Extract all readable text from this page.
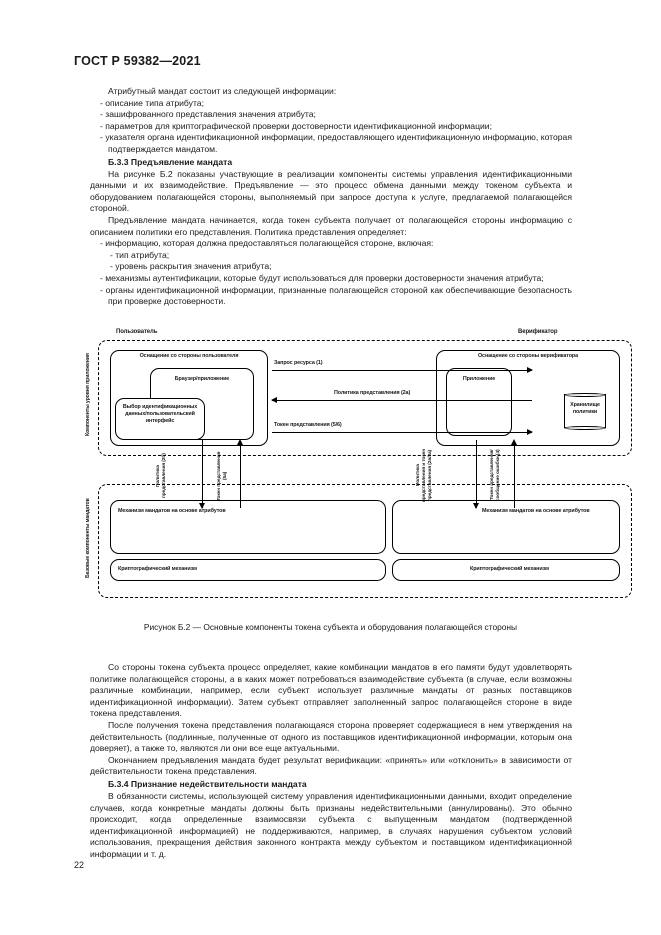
ГОСТ Р 59382—2021

Атрибутный мандат состоит из следующей информации:

- описание типа атрибута;

- зашифрованного представления значения атрибута;

- параметров для криптографической проверки достоверности идентификационной информации;

- указателя органа идентификационной информации, предоставляющего идентификационную информацию, которая подтверждается мандатом.

Б.3.3 Предъявление мандата

На рисунке Б.2 показаны участвующие в реализации компоненты системы управления идентификационными данными и их взаимодействие. Предъявление — это процесс обмена данными между токеном субъекта и оборудованием полагающейся стороны, выполняемый при запросе доступа к услуге, предлагаемой полагающейся стороной.

Предъявление мандата начинается, когда токен субъекта получает от полагающейся стороны информацию с описанием политики его представления. Политика представления определяет:

- информацию, которая должна предоставляться полагающейся стороне, включая:

- тип атрибута;

- уровень раскрытия значения атрибута;

- механизмы аутентификации, которые будут использоваться для проверки достоверности значения атрибута;

- органы идентификационной информации, признанные полагающейся стороной как обеспечивающие безопасность при проверке достоверности.

Компоненты уровня приложения
Базовые компоненты мандатов
Пользователь	Верификатор
Оснащение со стороны пользователя
Браузер/приложение
Выбор идентификационных данных/пользовательский интерфейс
Оснащение со стороны верификатора
Приложение
Хранилище политики
Механизм мандатов на основе атрибутов
Криптографический механизм
Механизм мандатов на основе атрибутов
Криптографический механизм
Запрос ресурса (1)
Политика представления (2а)
Токен представления (5/6)
Политика представления (2б)	Токен представления (5а)	Политика представления и токен представления (2в/3а)	Токен представления/сообщение ошибки (4)
Рисунок Б.2 — Основные компоненты токена субъекта и оборудования полагающейся стороны

Со стороны токена субъекта процесс определяет, какие комбинации мандатов в его памяти будут удовлетворять политике полагающейся стороны, а в каких может потребоваться взаимодействие субъекта (в случае, если возможны различные комбинации, например, если субъект использует различные мандаты от разных поставщиков идентификационной информации). Затем субъект отправляет заполненный запрос полагающейся стороне в виде токена представления.

После получения токена представления полагающаяся сторона проверяет содержащиеся в нем утверждения на действительность (подлинные, полученные от одного из поставщиков идентификационной информации, которым она доверяет), а также то, являются ли они все еще актуальными.

Окончанием предъявления мандата будет результат верификации: «принять» или «отклонить» в зависимости от действительности токена представления.

Б.3.4 Признание недействительности мандата

В обязанности системы, использующей систему управления идентификационными данными, входит определение случаев, когда конкретные мандаты должны быть признаны недействительными (аннулированы). Это обычно происходит, когда определенные взаимосвязи субъекта с выпущенным мандатом (подтвержденной идентификационной информацией) не поддерживаются, например, в случаях нарушения субъектом условий использования, прекращения действия законного контракта между субъектом и поставщиком идентификационной информации и т. д.

22
